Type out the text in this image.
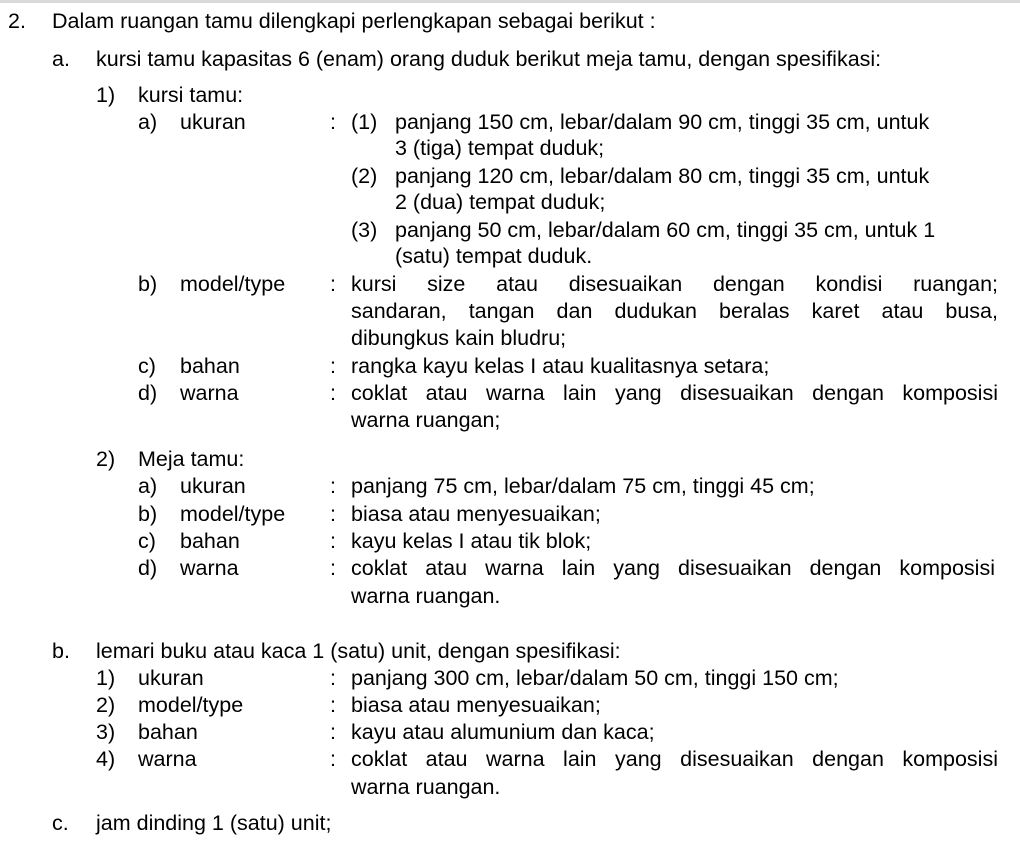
2. Dalam ruangan tamu dilengkapi perlengkapan sebagai berikut :
a. kursi tamu kapasitas 6 (enam) orang duduk berikut meja tamu, dengan spesifikasi:
1) kursi tamu:
a) ukuran	: (1) panjang 150 cm, lebar/dalam 90 cm, tinggi 35 cm, untuk
3 (tiga) tempat duduk;
(2) panjang 120 cm, lebar/dalam 80 cm, tinggi 35 cm, untuk
2 (dua) tempat duduk;
(3) panjang 50 cm, lebar/dalam 60 cm, tinggi 35 cm, untuk 1
(satu) tempat duduk.
b) model/type : kursi size atau disesuaikan dengan kondisi ruangan;
sandaran, tangan dan dudukan beralas karet atau busa,
dibungkus kain bludru;
c) bahan	: rangka kayu kelas I atau kualitasnya setara;
d) warna	: coklat atau warna lain yang disesuaikan dengan komposisi
warna ruangan;
2) Meja tamu:
a) ukuran	: panjang 75 cm, lebar/dalam 75 cm, tinggi 45 cm;
b) model/type : biasa atau menyesuaikan;
c) bahan	: kayu kelas I atau tik blok;
d) warna	: coklat atau warna lain yang disesuaikan dengan komposisi
warna ruangan.
b. lemari buku atau kaca 1 (satu) unit, dengan spesifikasi:
1) ukuran	: panjang 300 cm, lebar/dalam 50 cm, tinggi 150 cm;
2) model/type	: biasa atau menyesuaikan;
3) bahan	: kayu atau alumunium dan kaca;
4) warna	: coklat atau warna lain yang disesuaikan dengan komposisi
warna ruangan.
c. jam dinding 1 (satu) unit;
